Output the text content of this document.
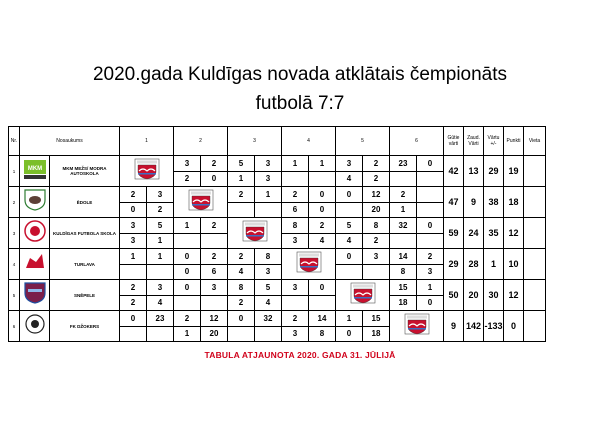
2020.gada Kuldīgas novada atklātais čempionāts
futbolā 7:7
Nr.	Nosaukums		1		2		3		4		5		6		Gūtie vārti	Zaud. Vārti	Vārtu +/-	Punkti	Vieta
1	MKM	MKM MEŽS/ MODRA AUTOSKOLA			3	2	5	3	1	1	3	2	23	0	42	13	29	19	
					2	0	1	3			4	2							
2		ĒDOLE	2	3			2	1	2	0	0	12	2		47	9	38	18	
			0	2					6	0		20	1						
3		KULDĪGAS FUTBOLA SKOLA	3	5	1	2			8	2	5	8	32	0	59	24	35	12	
			3	1					3	4	4	2							
4		TURLAVA	1	1	0	2	2	8			0	3	14	2	29	28	1	10	
					0	6	4	3					8	3					
5		SNĒPELE	2	3	0	3	8	5	3	0			15	1	50	20	30	12	
			2	4			2	4					18	0					
6		FK DŽOKERS	0	23	2	12	0	32	2	14	1	15			9	142	-133	0	
					1	20			3	8	0	18							
TABULA ATJAUNOTA 2020. GADA 31. JŪLIJĀ
